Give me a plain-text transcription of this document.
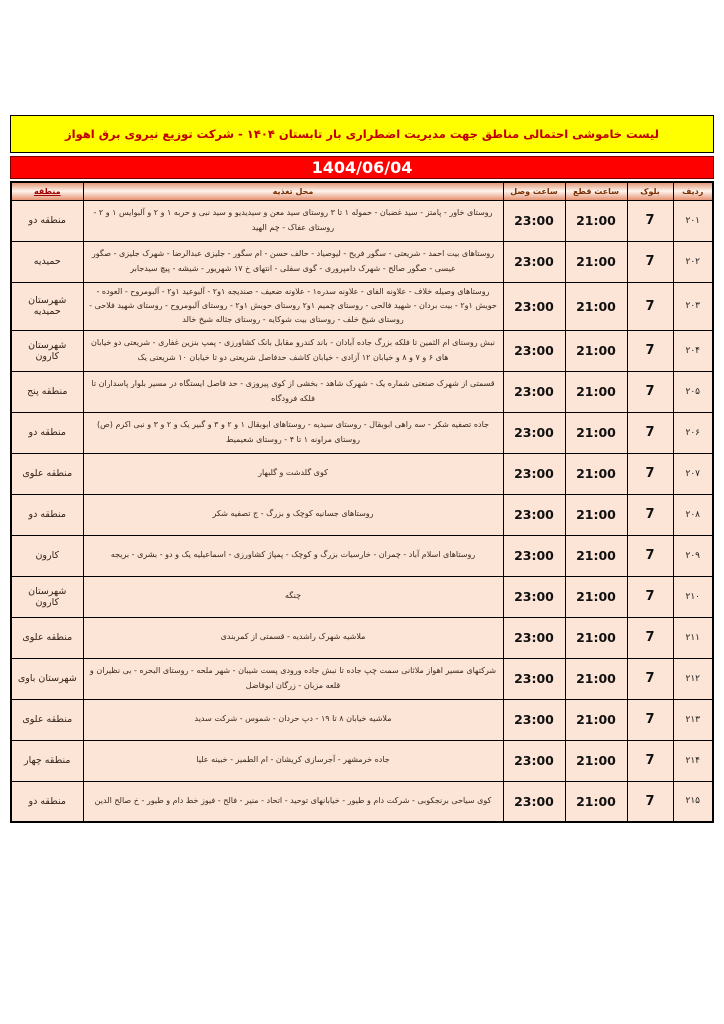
لیست خاموشی احتمالی مناطق جهت مدیریت اضطراری بار تابستان ۱۴۰۴ - شرکت توزیع نیروی برق اهواز
1404/06/04
ردیف	بلوک	ساعت قطع	ساعت وصل	محل تغذیه	منطقه
۲۰۱	7	21:00	23:00	روستای خاور - پامتز - سید غضبان - حموله ۱ تا ۳ روستای سید معن و سیدیدیو و سید نبی و حربه ۱ و ۲ و آلبوایس ۱ و ۲ - روستای عفاک - چم الهید	منطقه دو
۲۰۲	7	21:00	23:00	روستاهای بیت احمد - شریعتی - سگور فریح - لیوصیاد - حالف حسن - ام سگور - جلیزی عبدالرضا - شهرک جلیزی - صگور عیسی - صگور صالح - شهرک دامپروری - گوی سفلی - انتهای خ ۱۷ شهریور - شیشه - پیچ سیدجابر	حمیدیه
۲۰۳	7	21:00	23:00	روستاهای وصیله خلاف - علاونه الفای - علاونه سدره۱ - علاونه ضعیف - صندیجه ۱و۲ - آلبوعید ۱و۲ - آلبومروح - العوده - حویش ۱و۲ - بیت بردان - شهید فالحی - روستای چمیم ۱و۲ روستای حویش ۱و۲ - روستای آلبومروح - روستای شهید فلاحی - روستای شیخ خلف - روستای بیت شوکایه - روستای جثاله شیخ خالد	شهرستان حمیدیه
۲۰۴	7	21:00	23:00	نبش روستای ام الثمین تا فلکه بزرگ جاده آبادان - باند کندرو مقابل بانک کشاورزی - پمپ بنزین غفاری - شریعتی دو خیابان های ۶ و ۷ و ۸ و خیابان ۱۲ آزادی - خیابان کاشف حدفاصل شریعتی دو تا خیابان ۱۰ شریعتی یک	شهرستان کارون
۲۰۵	7	21:00	23:00	قسمتی از شهرک صنعتی شماره یک - شهرک شاهد - بخشی از کوی پیروزی - حد فاصل ایستگاه در مسیر بلوار پاسداران تا فلکه فرودگاه	منطقه پنج
۲۰۶	7	21:00	23:00	جاده تصفیه شکر - سه راهی ابوبقال - روستای سیدیه - روستاهای ابوبقال ۱ و ۲ و ۳ و گبیر یک و ۲ و ۳ و نبی اکرم (ص) روستای مراونه ۱ تا ۴ - روستای شعیمیط	منطقه دو
۲۰۷	7	21:00	23:00	کوی گلدشت و گلبهار	منطقه علوی
۲۰۸	7	21:00	23:00	روستاهای جسانیه کوچک و بزرگ - ج تصفیه شکر	منطقه دو
۲۰۹	7	21:00	23:00	روستاهای اسلام آباد - چمران - خارسیات بزرگ و کوچک - پمپاژ کشاورزی - اسماعیلیه یک و دو - بشری - بریجه	کارون
۲۱۰	7	21:00	23:00	چنگه	شهرستان کارون
۲۱۱	7	21:00	23:00	ملاشیه شهرک راشدیه - قسمتی از کمربندی	منطقه علوی
۲۱۲	7	21:00	23:00	شرکتهای مسیر اهواز ملاثانی سمت چپ جاده تا نبش جاده ورودی پست شیبان - شهر ملحه - روستای البحره - بی نظیران و قلعه مزبان - زرگان ابوفاضل	شهرستان باوی
۲۱۳	7	21:00	23:00	ملاشیه خیابان ۸ تا ۱۹ - دپ حردان - شموس - شرکت سدید	منطقه علوی
۲۱۴	7	21:00	23:00	جاده خرمشهر - آجرسازی کریشان - ام الطمیر - خبینه علیا	منطقه چهار
۲۱۵	7	21:00	23:00	کوی سیاحی برنجکوبی - شرکت دام و طیور - خیابانهای توحید - اتحاد - منیر - فالح - فیوز خط دام و طیور - خ صالح الدین	منطقه دو
